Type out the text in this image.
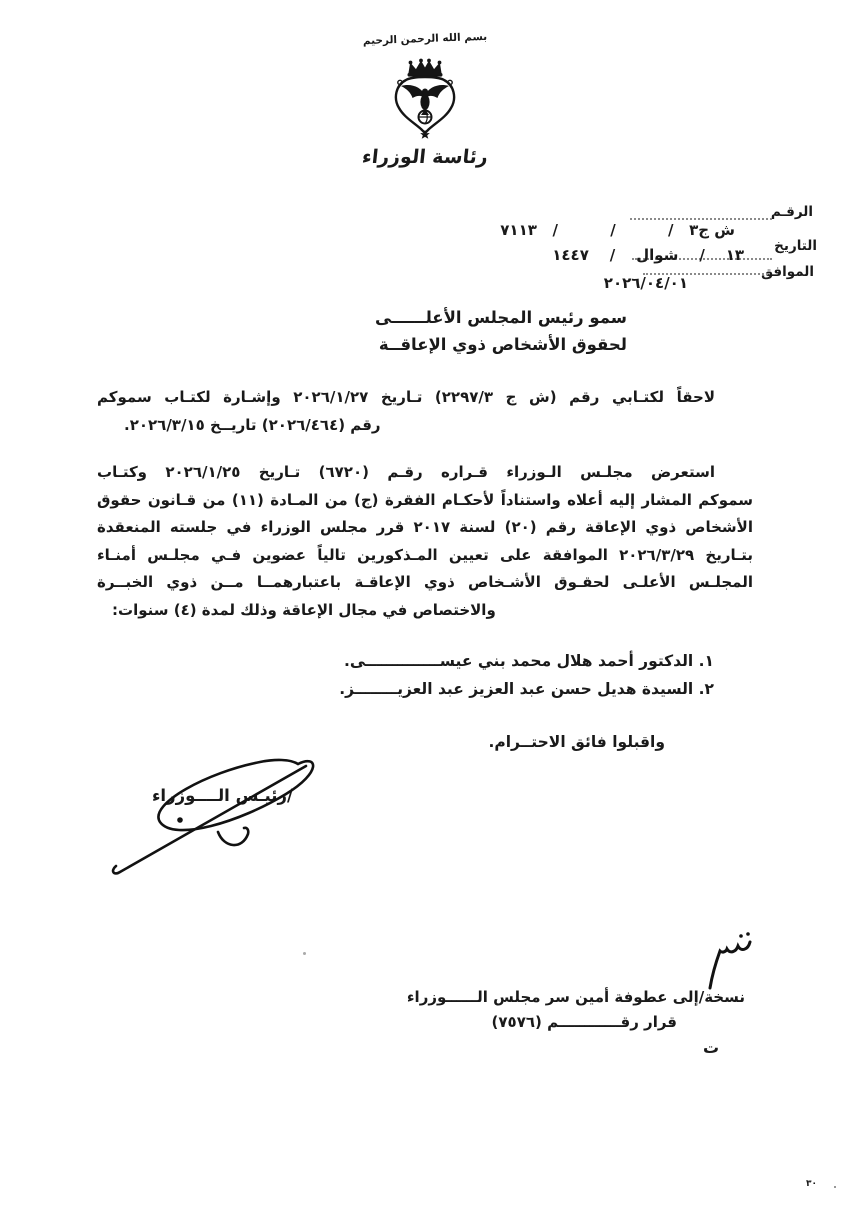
بسم الله الرحمن الرحيم
رئاسة الوزراء
الرقـم
ش ج٣   /          /          /   ٧١١٣
التاريخ
١٣    /    شوال    /    ١٤٤٧
الموافق
٢٠٢٦/٠٤/٠١
سمو رئيس المجلس الأعلــــــى
لحقوق الأشخاص ذوي الإعاقــة
لاحقاً لكتـابي رقم (ش ج ٢٢٩٧/٣) تـاريخ ٢٠٢٦/١/٢٧ وإشـارة لكتـاب سموكم
رقم (٢٠٢٦/٤٦٤) تاريــخ ٢٠٢٦/٣/١٥.
استعرض مجلـس الـوزراء قـراره رقـم (٦٧٢٠) تـاريخ ٢٠٢٦/١/٢٥ وكتـاب
سموكم المشار إليه أعلاه واستناداً لأحكـام الفقرة (ج) من المـادة (١١) من قـانون حقوق
الأشخاص ذوي الإعاقة رقم (٢٠) لسنة ٢٠١٧ قرر مجلس الوزراء في جلسته المنعقدة
بتـاريخ ٢٠٢٦/٣/٢٩ الموافقة على تعيين المـذكورين تالياً عضوين فـي مجلـس أمنـاء
المجلـس الأعلـى لحقـوق الأشـخاص ذوي الإعاقـة باعتبارهمــا مــن ذوي الخبــرة
والاختصاص في مجال الإعاقة وذلك لمدة (٤) سنوات:
١. الدكتور أحمد هلال محمد بني عيســــــــــــــى.
٢. السيدة هديل حسن عبد العزيز عبد العزيــــــــز.
واقبلوا فائق الاحتــرام.
/رئيـس الــــوزراء
نسخة/إلى عطوفة أمين سر مجلس الــــــوزراء
قرار رقــــــــــــم (٧٥٧٦)
ت
٣٠
